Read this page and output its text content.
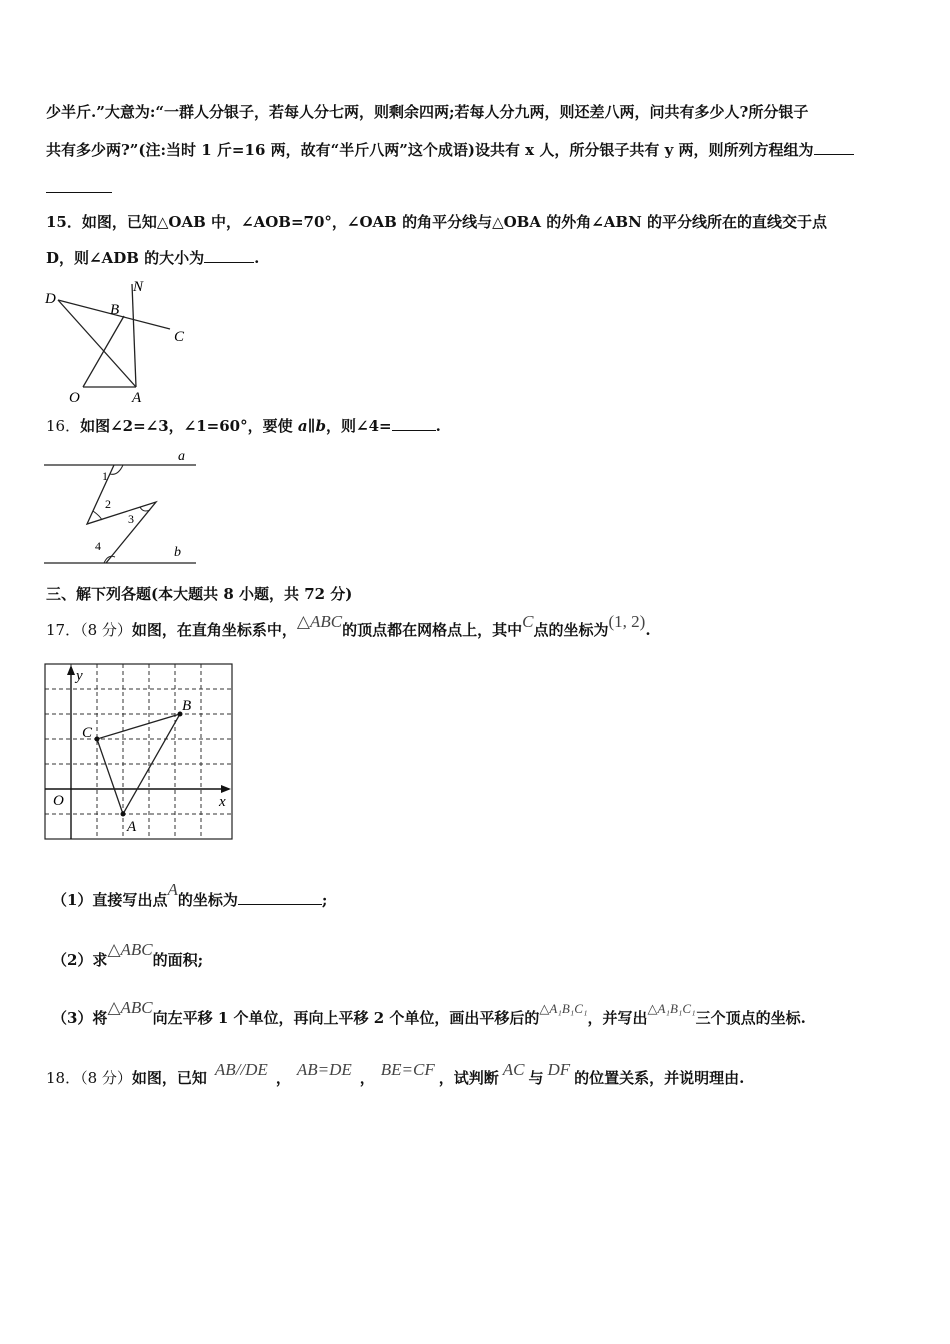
少半斤.”大意为:“一群人分银子，若每人分七两，则剩余四两;若每人分九两，则还差八两，问共有多少人?所分银子
共有多少两?”(注:当时 1 斤=16 两，故有“半斤八两”这个成语)设共有 x 人，所分银子共有 y 两，则所列方程组为
15．如图，已知△OAB 中，∠AOB=70°，∠OAB 的角平分线与△OBA 的外角∠ABN 的平分线所在的直线交于点
D，则∠ADB 的大小为	.
D
N
B
C
O	A
16．如图∠2=∠3，∠1=60°，要使 a∥b，则∠4=	.
a
b
1
2
3
4
三、解下列各题(本大题共 8 小题，共 72 分)
17．（8 分）如图，在直角坐标系中，△ABC的顶点都在网格点上，其中C点的坐标为(1, 2).
y
x
O
C
A
B
（1）直接写出点A的坐标为	;
（2）求△ABC的面积;
（3）将△ABC向左平移 1 个单位，再向上平移 2 个单位，画出平移后的△A₁B₁C₁，并写出△A₁B₁C₁三个顶点的坐标.
18．（8 分）如图，已知 AB//DE ， AB=DE ， BE=CF ，试判断 AC 与 DF 的位置关系，并说明理由.
